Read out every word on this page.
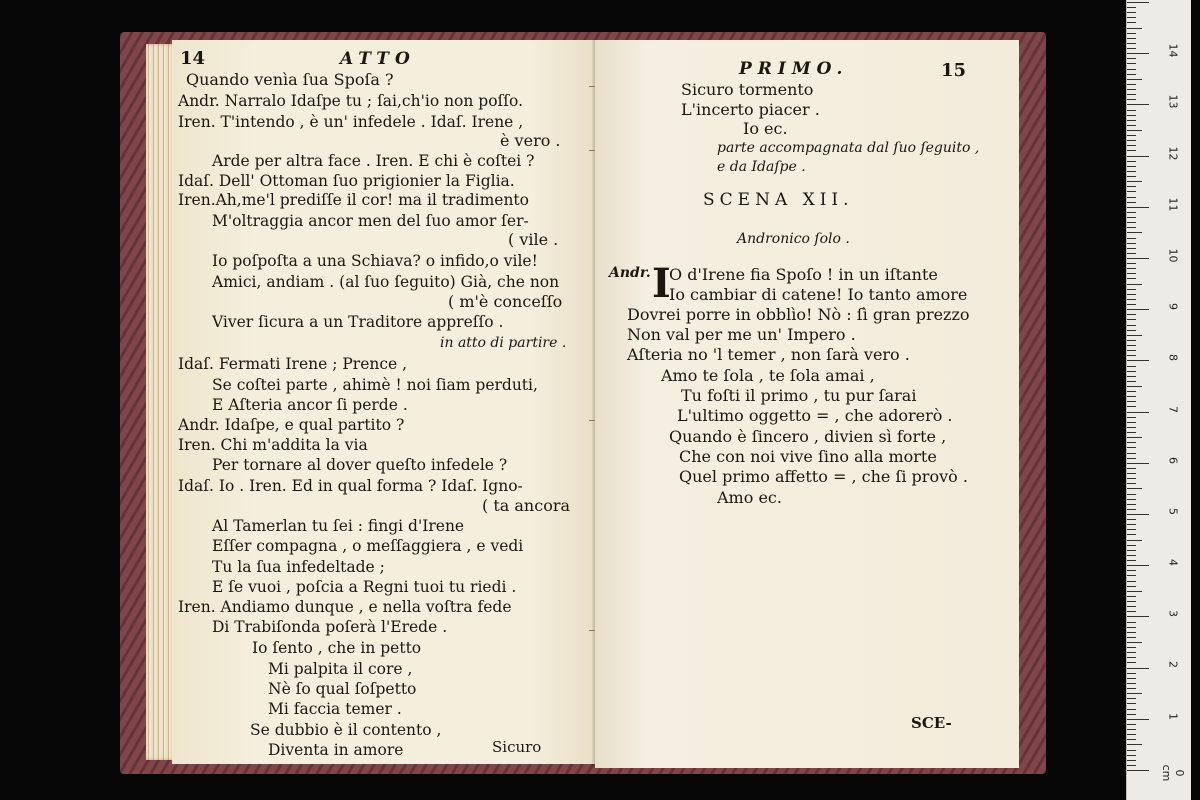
14	ATTO
Quando venìa ſua Spoſa ?
Andr. Narralo Idaſpe tu ; ſai,ch'io non poſſo.
Iren. T'intendo , è un' infedele . Idaſ. Irene ,
è vero .
Arde per altra face . Iren. E chi è coſtei ?
Idaſ. Dell' Ottoman ſuo prigionier la Figlia.
Iren.Ah,me'l prediſſe il cor! ma il tradimento
M'oltraggia ancor men del ſuo amor ſer-
( vile .
Io poſpoſta a una Schiava? o infido,o vile!
Amici, andiam . (al ſuo ſeguito) Già, che non
( m'è conceſſo
Viver ſicura a un Traditore appreſſo .
in atto di partire .
Idaſ. Fermati Irene ; Prence ,
Se coſtei parte , ahimè ! noi ſiam perduti,
E Aſteria ancor ſi perde .
Andr. Idaſpe, e qual partito ?
Iren. Chi m'addita la via
Per tornare al dover queſto infedele ?
Idaſ. Io . Iren. Ed in qual forma ? Idaſ. Igno-
( ta ancora
Al Tamerlan tu ſei : fingi d'Irene
Eſſer compagna , o meſſaggiera , e vedi
Tu la ſua infedeltade ;
E ſe vuoi , poſcia a Regni tuoi tu riedi .
Iren. Andiamo dunque , e nella voſtra fede
Di Trabiſonda poſerà l'Erede .
Io ſento , che in petto
Mi palpita il core ,
Nè ſo qual ſoſpetto
Mi faccia temer .
Se dubbio è il contento ,
Diventa in amore	Sicuro
PRIMO.	15
Sicuro tormento
L'incerto piacer .
Io ec.
parte accompagnata dal ſuo ſeguito ,
e da Idaſpe .
SCENA XII.
Andronico ſolo .
Andr. I
O d'Irene fia Spoſo ! in un iſtante
Io cambiar di catene! Io tanto amore
Dovrei porre in obblìo! Nò : ſì gran prezzo
Non val per me un' Impero .
Aſteria no 'l temer , non ſarà vero .
Amo te ſola , te ſola amai ,
Tu foſti il primo , tu pur ſarai
L'ultimo oggetto = , che adorerò .
Quando è ſincero , divien sì forte ,
Che con noi vive ſino alla morte
Quel primo affetto = , che ſi provò .
Amo ec.
SCE-
0 cm
1
2
3
4
5
6
7
8
9
10
11
12
13
14
